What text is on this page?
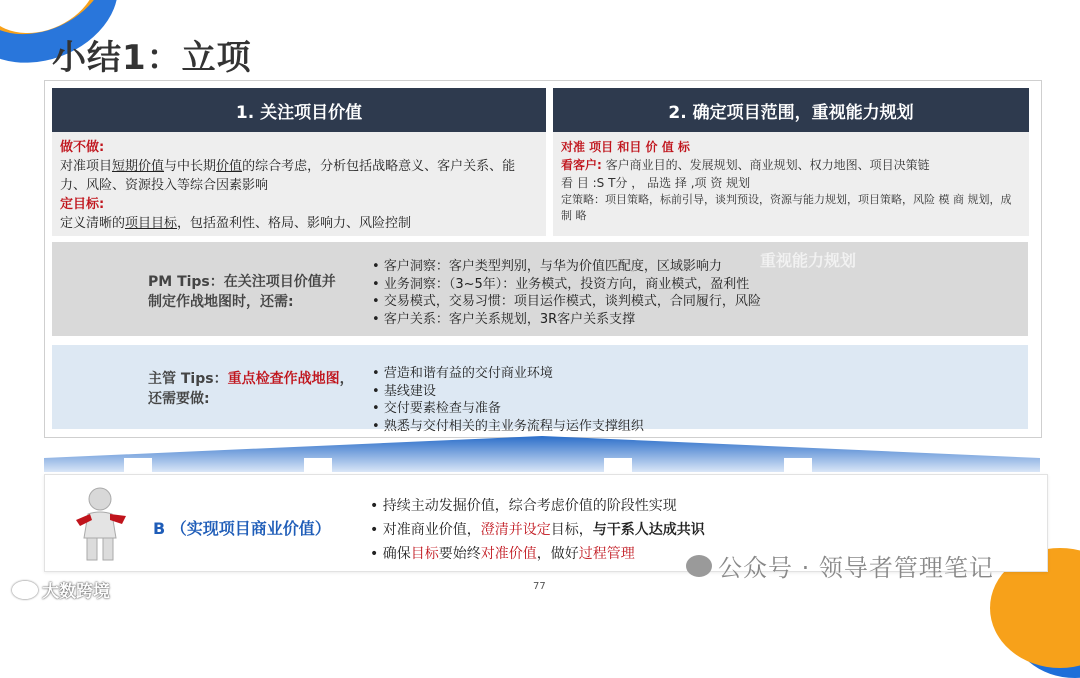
小结1：立项
1. 关注项目价值	2. 确定项目范围，重视能力规划
做不做:
对准项目短期价值与中长期价值的综合考虑，分析包括战略意义、客户关系、能力、风险、资源投入等综合因素影响
定目标:
定义清晰的项目目标，包括盈利性、格局、影响力、风险控制
对准 项目 和目 价 值 标
看客户: 客户商业目的、发展规划、商业规划、权力地图、项目决策链
看 目 :S T分 ， 品选 择 ,项 资 规划
定策略：项目策略，标前引导，谈判预设，资源与能力规划，项目策略，风险 模 商 规划，成 制 略
PM Tips：在关注项目价值并
制定作战地图时，还需:
• 客户洞察：客户类型判别，与华为价值匹配度，区域影响力
• 业务洞察：（3~5年）：业务模式，投资方向，商业模式，盈利性
• 交易模式，交易习惯：项目运作模式，谈判模式，合同履行，风险
• 客户关系：客户关系规划，3R客户关系支撑
重视能力规划
主管 Tips：重点检查作战地图，
还需要做:
• 营造和谐有益的交付商业环境
• 基线建设
• 交付要素检查与准备
• 熟悉与交付相关的主业务流程与运作支撑组织
B （实现项目商业价值）
• 持续主动发掘价值，综合考虑价值的阶段性实现
• 对准商业价值，澄清并设定目标，与干系人达成共识
• 确保目标要始终对准价值，做好过程管理	公众号 · 领导者管理笔记
大数跨境	77
